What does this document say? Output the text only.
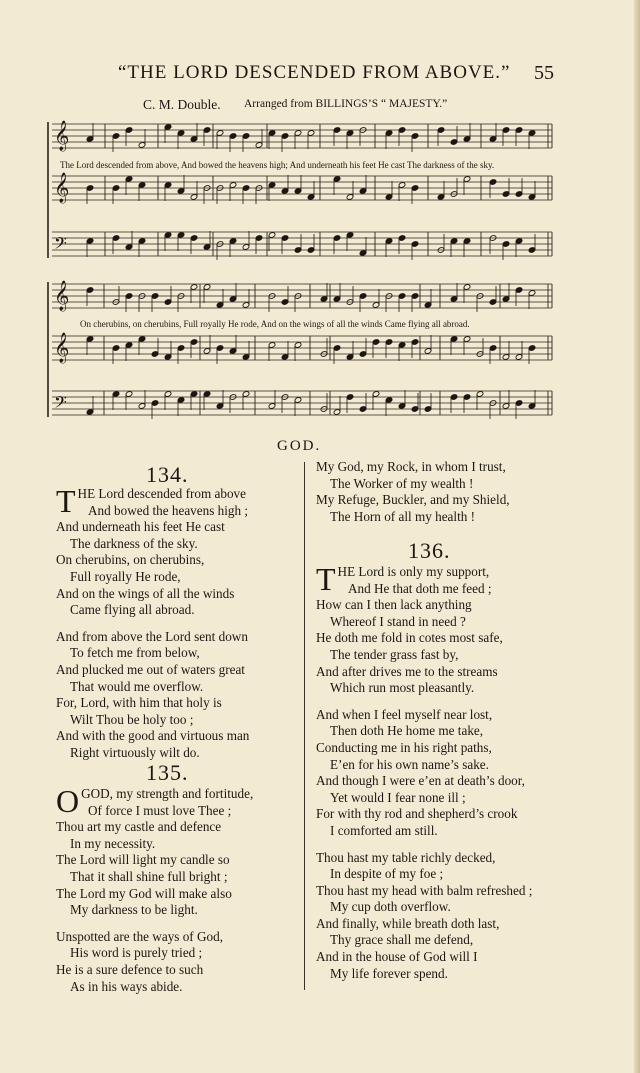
“THE LORD DESCENDED FROM ABOVE.” 55
C. M. Double. Arranged from BILLINGS’S “ MAJESTY.”
𝄞
𝄞
𝄢
𝄞
𝄞
𝄢
The Lord descended from above, And bowed the heavens high; And underneath his feet He cast The darkness of the sky.
On cherubins, on cherubins, Full royally He rode, And on the wings of all the winds Came flying all abroad.
GOD.
134.
THE Lord descended from above
And bowed the heavens high ;
And underneath his feet He cast
The darkness of the sky.
On cherubins, on cherubins,
Full royally He rode,
And on the wings of all the winds
Came flying all abroad.
And from above the Lord sent down
To fetch me from below,
And plucked me out of waters great
That would me overflow.
For, Lord, with him that holy is
Wilt Thou be holy too ;
And with the good and virtuous man
Right virtuously wilt do.
135.
OGOD, my strength and fortitude,
Of force I must love Thee ;
Thou art my castle and defence
In my necessity.
The Lord will light my candle so
That it shall shine full bright ;
The Lord my God will make also
My darkness to be light.
Unspotted are the ways of God,
His word is purely tried ;
He is a sure defence to such
As in his ways abide.
My God, my Rock, in whom I trust,
The Worker of my wealth !
My Refuge, Buckler, and my Shield,
The Horn of all my health !
136.
THE Lord is only my support,
And He that doth me feed ;
How can I then lack anything
Whereof I stand in need ?
He doth me fold in cotes most safe,
The tender grass fast by,
And after drives me to the streams
Which run most pleasantly.
And when I feel myself near lost,
Then doth He home me take,
Conducting me in his right paths,
E’en for his own name’s sake.
And though I were e’en at death’s door,
Yet would I fear none ill ;
For with thy rod and shepherd’s crook
I comforted am still.
Thou hast my table richly decked,
In despite of my foe ;
Thou hast my head with balm refreshed ;
My cup doth overflow.
And finally, while breath doth last,
Thy grace shall me defend,
And in the house of God will I
My life forever spend.
